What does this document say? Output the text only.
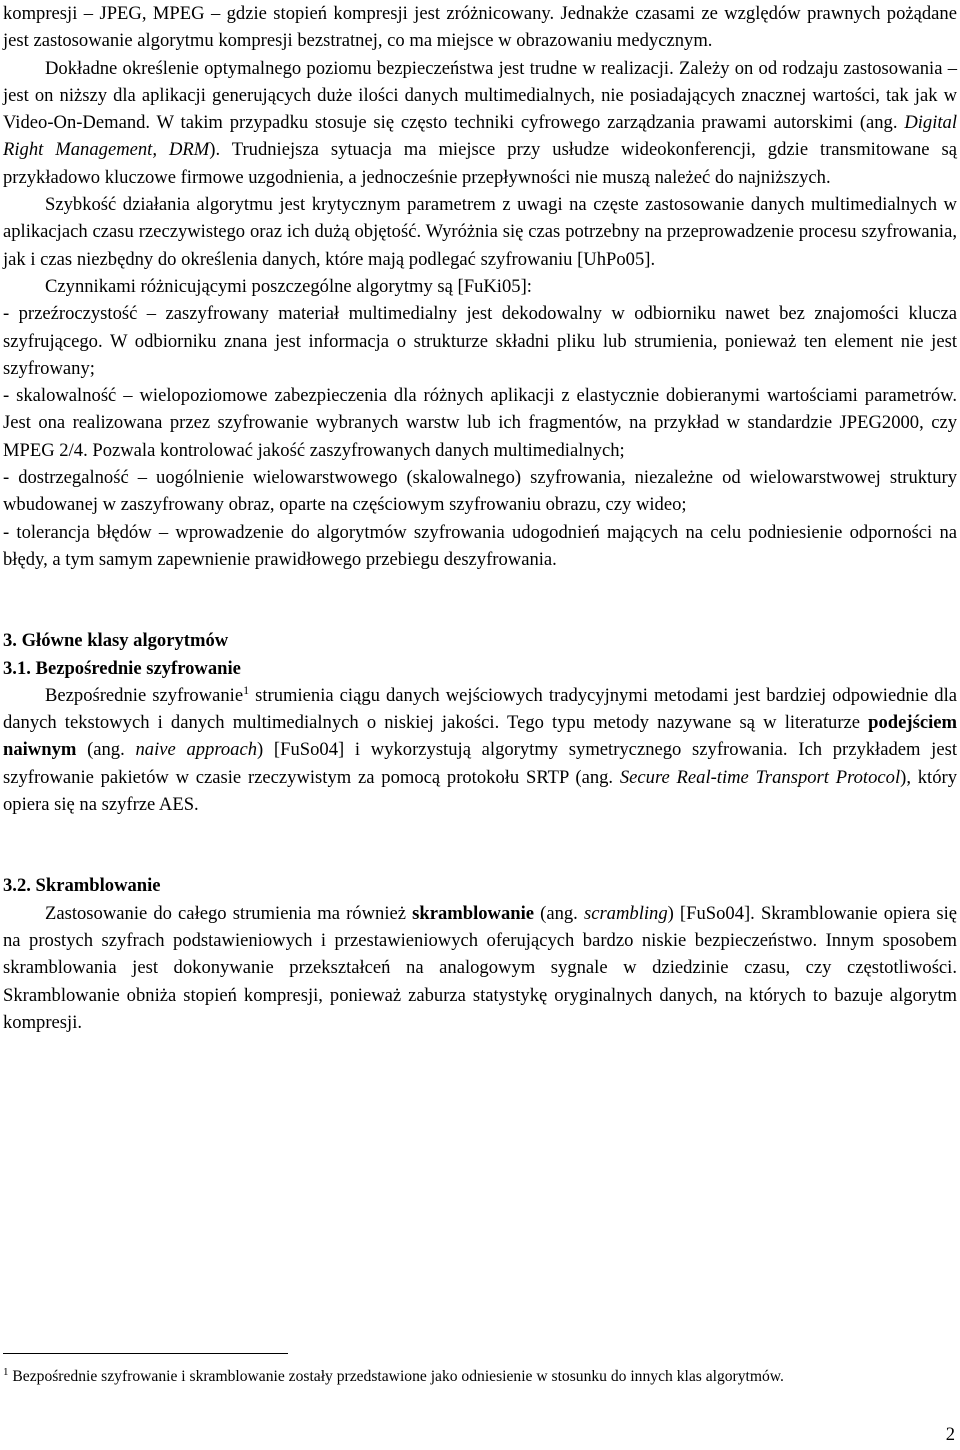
kompresji – JPEG, MPEG – gdzie stopień kompresji jest zróżnicowany. Jednakże czasami ze względów prawnych pożądane jest zastosowanie algorytmu kompresji bezstratnej, co ma miejsce w obrazowaniu medycznym.

Dokładne określenie optymalnego poziomu bezpieczeństwa jest trudne w realizacji. Zależy on od rodzaju zastosowania – jest on niższy dla aplikacji generujących duże ilości danych multimedialnych, nie posiadających znacznej wartości, tak jak w Video-On-Demand. W takim przypadku stosuje się często techniki cyfrowego zarządzania prawami autorskimi (ang. Digital Right Management, DRM). Trudniejsza sytuacja ma miejsce przy usłudze wideokonferencji, gdzie transmitowane są przykładowo kluczowe firmowe uzgodnienia, a jednocześnie przepływności nie muszą należeć do najniższych.

Szybkość działania algorytmu jest krytycznym parametrem z uwagi na częste zastosowanie danych multimedialnych w aplikacjach czasu rzeczywistego oraz ich dużą objętość. Wyróżnia się czas potrzebny na przeprowadzenie procesu szyfrowania, jak i czas niezbędny do określenia danych, które mają podlegać szyfrowaniu [UhPo05].

Czynnikami różnicującymi poszczególne algorytmy są [FuKi05]:

- przeźroczystość – zaszyfrowany materiał multimedialny jest dekodowalny w odbiorniku nawet bez znajomości klucza szyfrującego. W odbiorniku znana jest informacja o strukturze składni pliku lub strumienia, ponieważ ten element nie jest szyfrowany;

- skalowalność – wielopoziomowe zabezpieczenia dla różnych aplikacji z elastycznie dobieranymi wartościami parametrów. Jest ona realizowana przez szyfrowanie wybranych warstw lub ich fragmentów, na przykład w standardzie JPEG2000, czy MPEG 2/4. Pozwala kontrolować jakość zaszyfrowanych danych multimedialnych;

- dostrzegalność – uogólnienie wielowarstwowego (skalowalnego) szyfrowania, niezależne od wielowarstwowej struktury wbudowanej w zaszyfrowany obraz, oparte na częściowym szyfrowaniu obrazu, czy wideo;

- tolerancja błędów – wprowadzenie do algorytmów szyfrowania udogodnień mających na celu podniesienie odporności na błędy, a tym samym zapewnienie prawidłowego przebiegu deszyfrowania.

3. Główne klasy algorytmów

3.1. Bezpośrednie szyfrowanie

Bezpośrednie szyfrowanie$^1$ strumienia ciągu danych wejściowych tradycyjnymi metodami jest bardziej odpowiednie dla danych tekstowych i danych multimedialnych o niskiej jakości. Tego typu metody nazywane są w literaturze podejściem naiwnym (ang. naive approach) [FuSo04] i wykorzystują algorytmy symetrycznego szyfrowania. Ich przykładem jest szyfrowanie pakietów w czasie rzeczywistym za pomocą protokołu SRTP (ang. Secure Real-time Transport Protocol), który opiera się na szyfrze AES.

3.2. Skramblowanie

Zastosowanie do całego strumienia ma również skramblowanie (ang. scrambling) [FuSo04]. Skramblowanie opiera się na prostych szyfrach podstawieniowych i przestawieniowych oferujących bardzo niskie bezpieczeństwo. Innym sposobem skramblowania jest dokonywanie przekształceń na analogowym sygnale w dziedzinie czasu, czy częstotliwości. Skramblowanie obniża stopień kompresji, ponieważ zaburza statystykę oryginalnych danych, na których to bazuje algorytm kompresji.

$^1$ Bezpośrednie szyfrowanie i skramblowanie zostały przedstawione jako odniesienie w stosunku do innych klas algorytmów.
2
